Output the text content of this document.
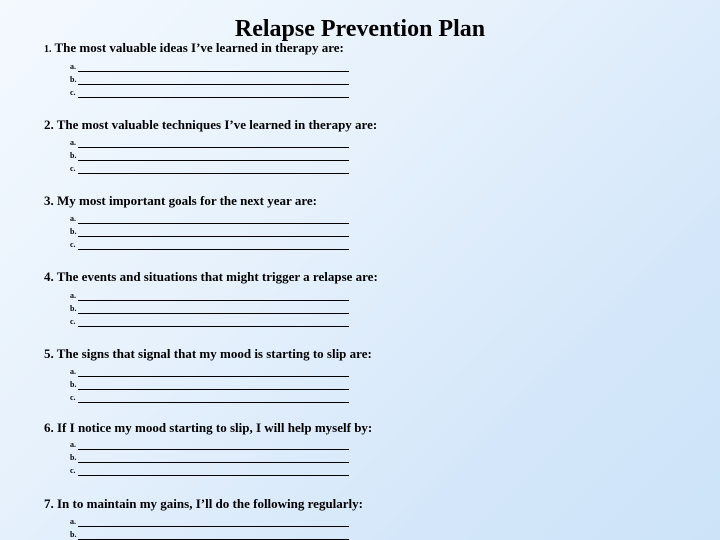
Relapse Prevention Plan
1. The most valuable ideas I’ve learned in therapy are:
a.
b.
c.
2. The most valuable techniques I’ve learned in therapy are:
a.
b.
c.
3. My most important goals for the next year are:
a.
b.
c.
4. The events and situations that might trigger a relapse are:
a.
b.
c.
5. The signs that signal that my mood is starting to slip are:
a.
b.
c.
6. If I notice my mood starting to slip, I will help myself by:
a.
b.
c.
7. In to maintain my gains, I’ll do the following regularly:
a.
b.
